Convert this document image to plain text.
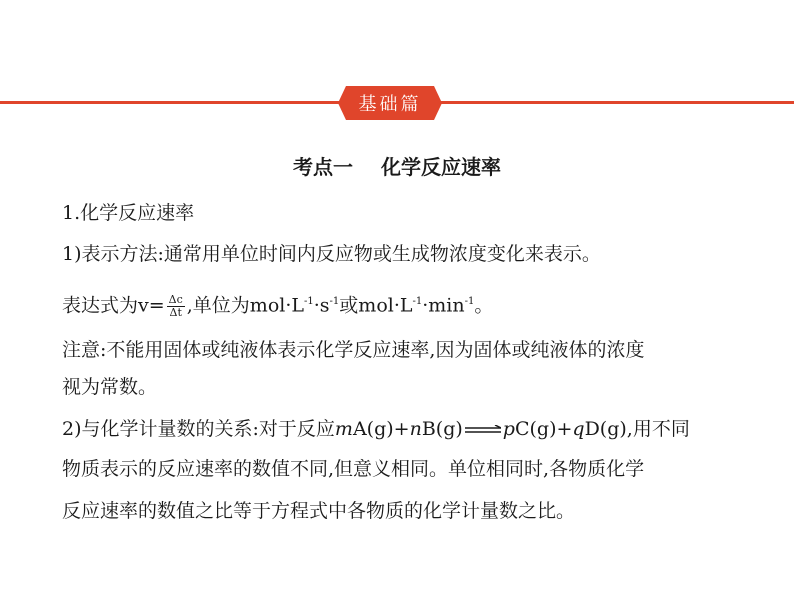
基础篇
考点一 化学反应速率
1.化学反应速率
1)表示方法:通常用单位时间内反应物或生成物浓度变化来表示。
表达式为$v= \frac{\Delta c}{\Delta t}$ ,单位为$mol\cdot L^{-1}\cdot s^{-1}$或$mol\cdot L^{-1}\cdot\min^{-1}$。
注意:不能用固体或纯液体表示化学反应速率,因为固体或纯液体的浓度
视为常数。
2)与化学计量数的关系:对于反应mA(g)+nB(g) pC(g)+qD(g),用不同
物质表示的反应速率的数值不同,但意义相同。单位相同时,各物质化学
反应速率的数值之比等于方程式中各物质的化学计量数之比。
